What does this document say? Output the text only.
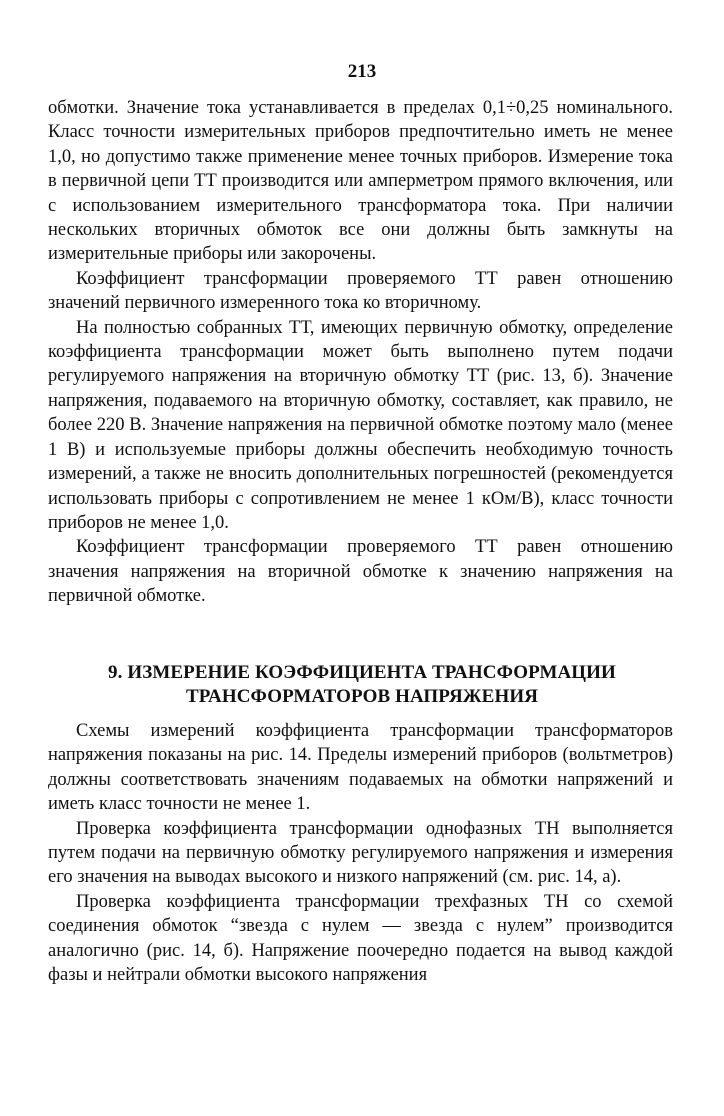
213

обмотки. Значение тока устанавливается в пределах 0,1÷0,25 номинального. Класс точности измерительных приборов предпочтительно иметь не менее 1,0, но допустимо также применение менее точных приборов. Измерение тока в первичной цепи ТТ производится или амперметром прямого включения, или с использованием измерительного трансформатора тока. При наличии нескольких вторичных обмоток все они должны быть замкнуты на измерительные приборы или закорочены.

Коэффициент трансформации проверяемого ТТ равен отношению значений первичного измеренного тока ко вторичному.

На полностью собранных ТТ, имеющих первичную обмотку, определение коэффициента трансформации может быть выполнено путем подачи регулируемого напряжения на вторичную обмотку ТТ (рис. 13, б). Значение напряжения, подаваемого на вторичную обмотку, составляет, как правило, не более 220 В. Значение напряжения на первичной обмотке поэтому мало (менее 1 В) и используемые приборы должны обеспечить необходимую точность измерений, а также не вносить дополнительных погрешностей (рекомендуется использовать приборы с сопротивлением не менее 1 кОм/В), класс точности приборов не менее 1,0.

Коэффициент трансформации проверяемого ТТ равен отношению значения напряжения на вторичной обмотке к значению напряжения на первичной обмотке.

9. ИЗМЕРЕНИЕ КОЭФФИЦИЕНТА ТРАНСФОРМАЦИИ
ТРАНСФОРМАТОРОВ НАПРЯЖЕНИЯ

Схемы измерений коэффициента трансформации трансформаторов напряжения показаны на рис. 14. Пределы измерений приборов (вольтметров) должны соответствовать значениям подаваемых на обмотки напряжений и иметь класс точности не менее 1.

Проверка коэффициента трансформации однофазных ТН выполняется путем подачи на первичную обмотку регулируемого напряжения и измерения его значения на выводах высокого и низкого напряжений (см. рис. 14, а).

Проверка коэффициента трансформации трехфазных ТН со схемой соединения обмоток “звезда с нулем — звезда с нулем” производится аналогично (рис. 14, б). Напряжение поочередно подается на вывод каждой фазы и нейтрали обмотки высокого напряжения
